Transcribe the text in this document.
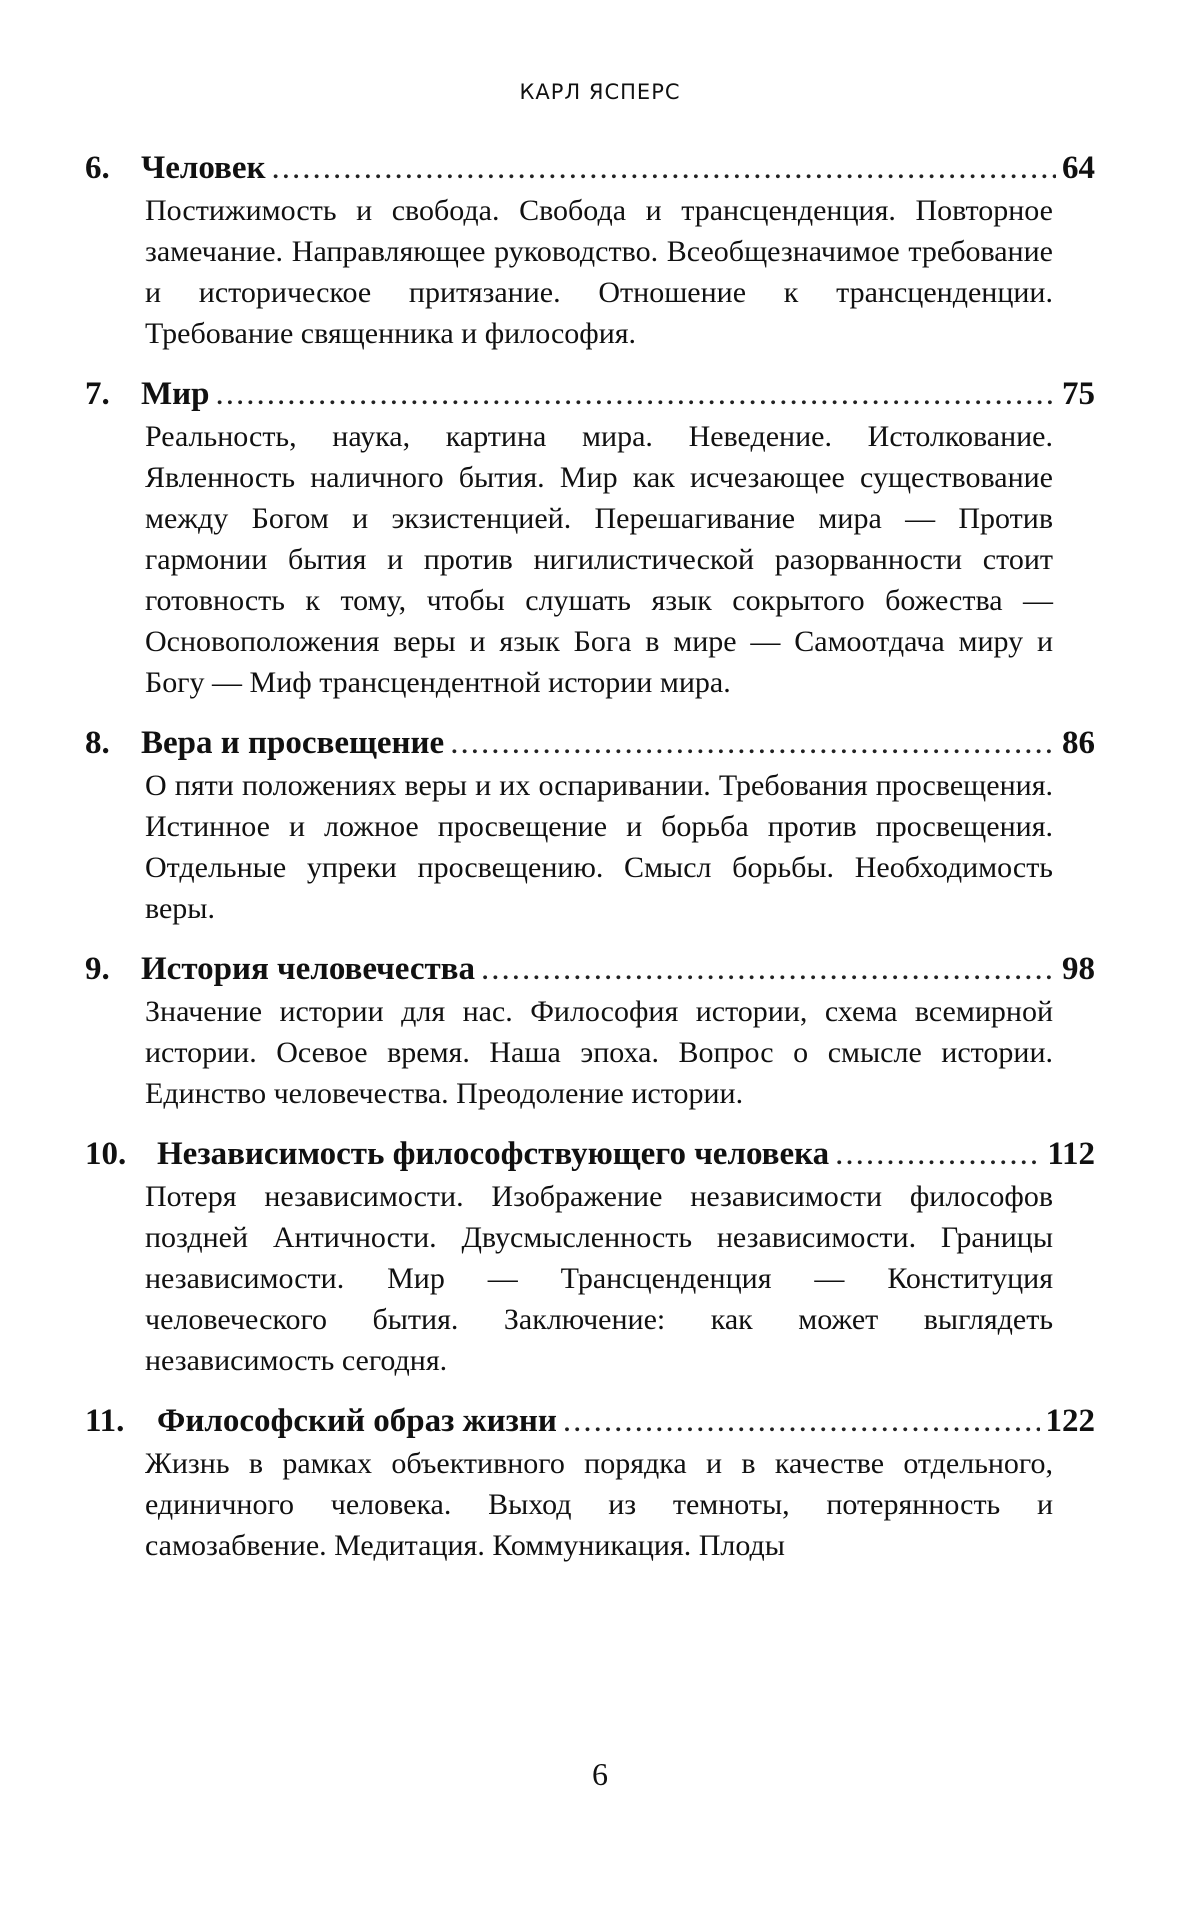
КАРЛ ЯСПЕРС
6. Человек .....	64
Постижимость и свобода. Свобода и трансценденция. Повторное замечание. Направляющее руководство. Всеобщезначимое требование и историческое притязание. Отношение к трансценденции. Требование священника и философия.
7. Мир .....	75
Реальность, наука, картина мира. Неведение. Истолкование. Явленность наличного бытия. Мир как исчезающее существование между Богом и экзистенцией. Перешагивание мира — Против гармонии бытия и против нигилистической разорванности стоит готовность к тому, чтобы слушать язык сокрытого божества — Основоположения веры и язык Бога в мире — Самоотдача миру и Богу — Миф трансцендентной истории мира.
8. Вера и просвещение .....	86
О пяти положениях веры и их оспаривании. Требования просвещения. Истинное и ложное просвещение и борьба против просвещения. Отдельные упреки просвещению. Смысл борьбы. Необходимость веры.
9. История человечества .....	98
Значение истории для нас. Философия истории, схема всемирной истории. Осевое время. Наша эпоха. Вопрос о смысле истории. Единство человечества. Преодоление истории.
10. Независимость философствующего человека .....	112
Потеря независимости. Изображение независимости философов поздней Античности. Двусмысленность независимости. Границы независимости. Мир — Трансценденция — Конституция человеческого бытия. Заключение: как может выглядеть независимость сегодня.
11. Философский образ жизни .....	122
Жизнь в рамках объективного порядка и в качестве отдельного, единичного человека. Выход из темноты, потерянность и самозабвение. Медитация. Коммуникация. Плоды
6
